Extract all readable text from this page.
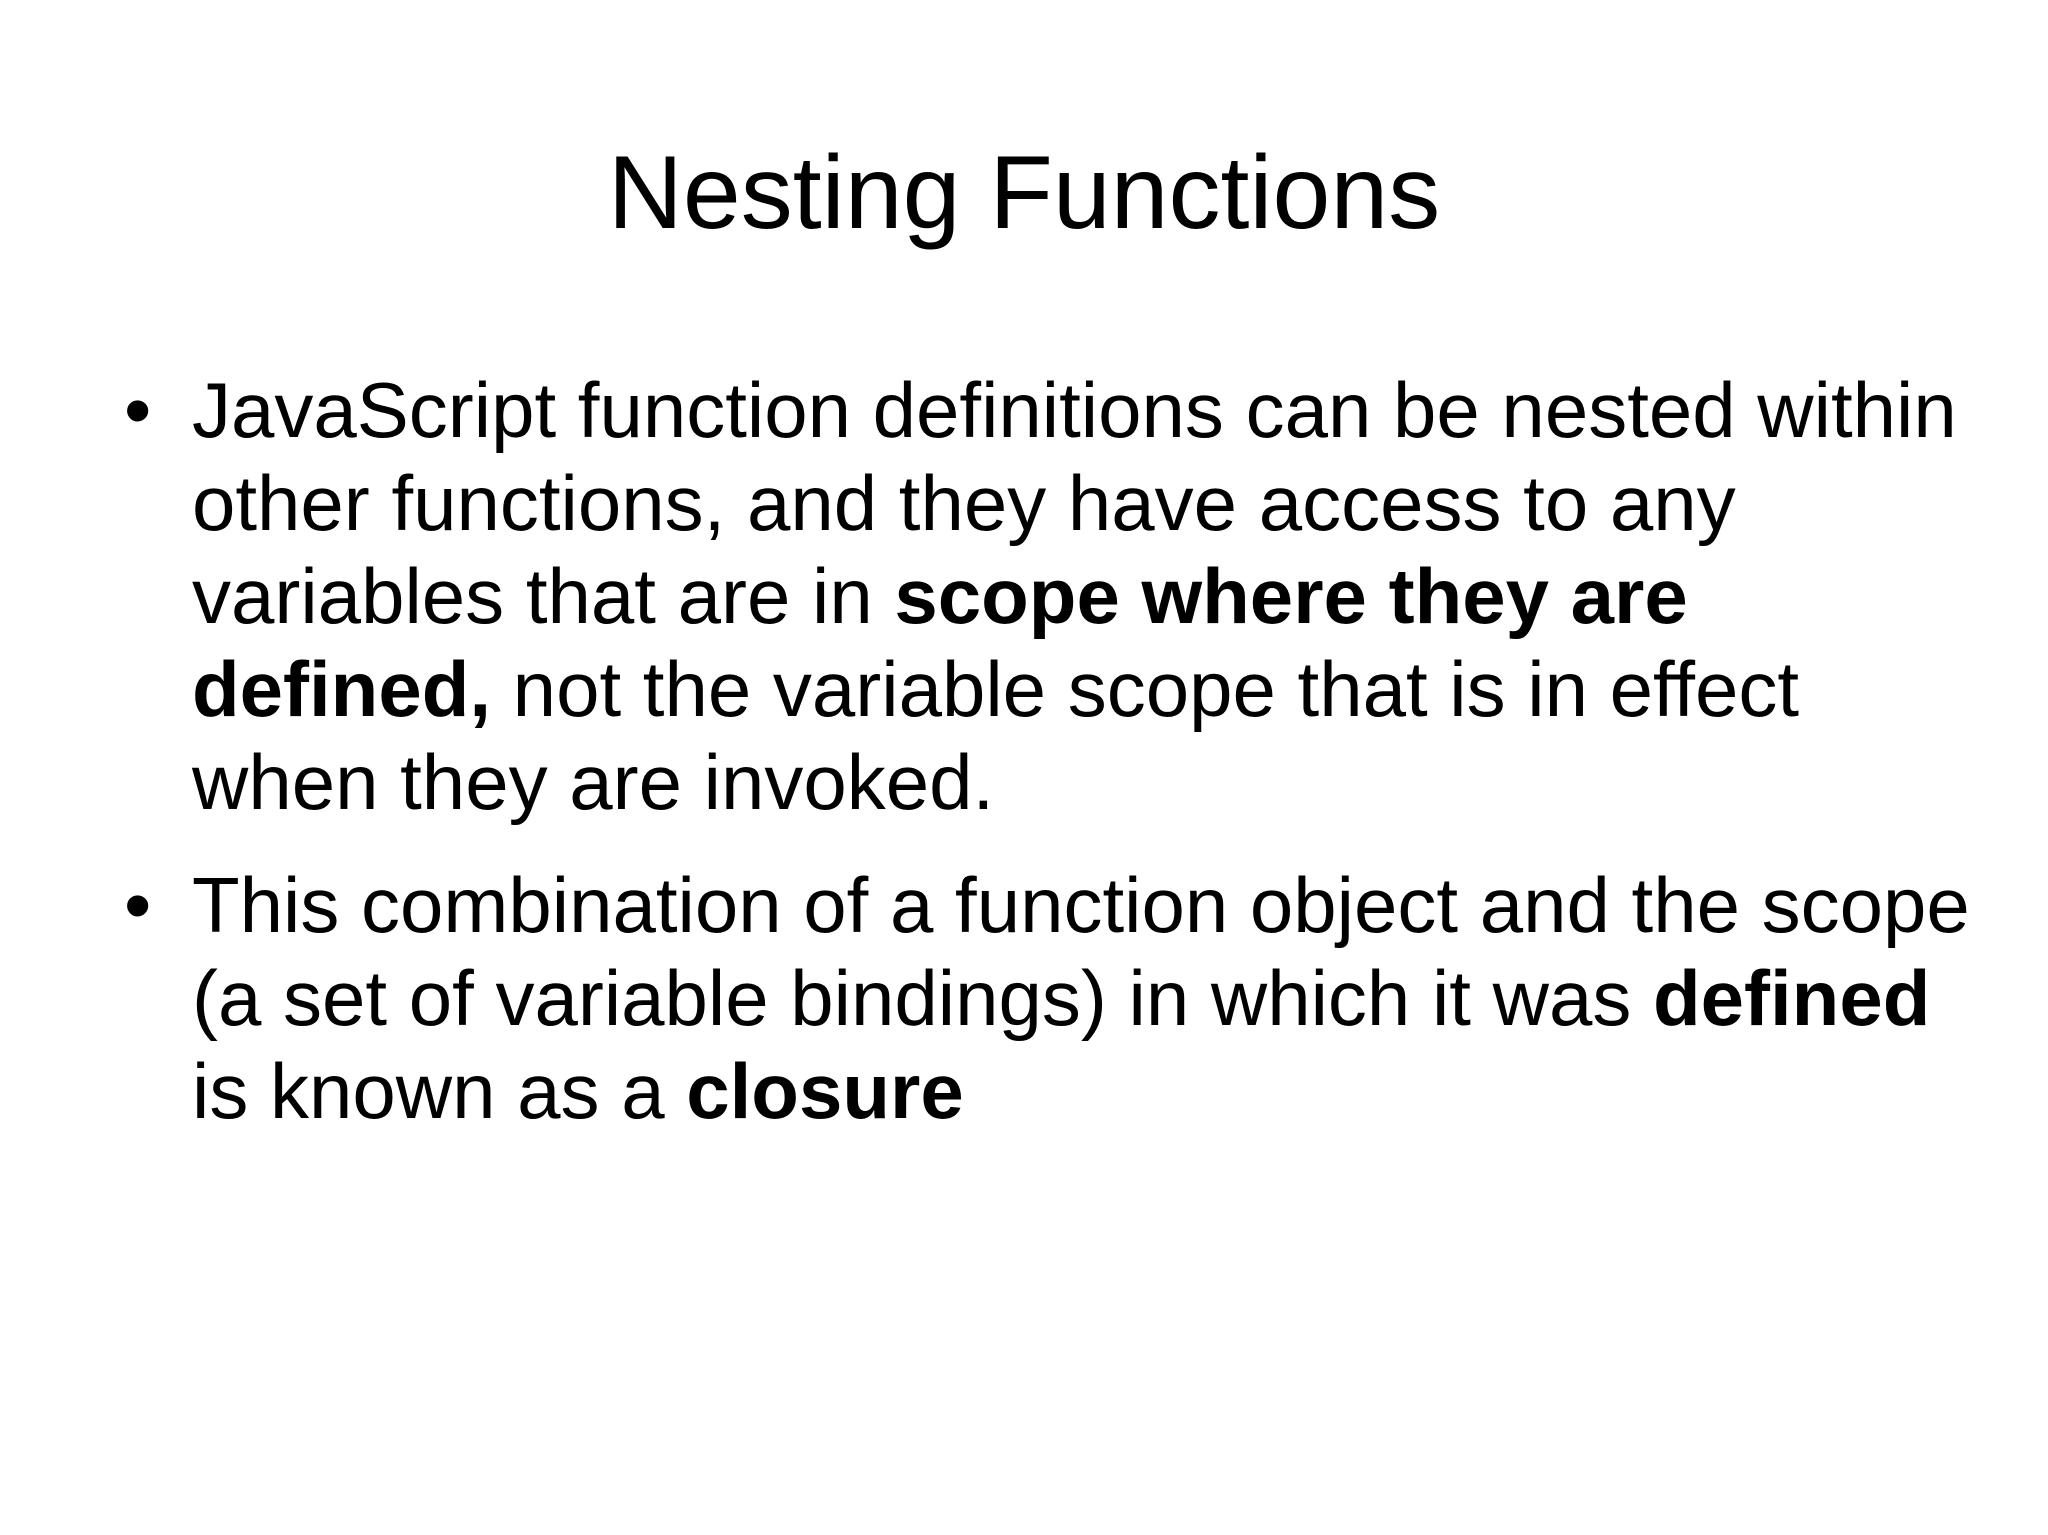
Nesting Functions
• JavaScript function definitions can be nested within other functions, and they have access to any variables that are in scope where they are defined, not the variable scope that is in effect when they are invoked.
• This combination of a function object and the scope (a set of variable bindings) in which it was defined is known as a closure
